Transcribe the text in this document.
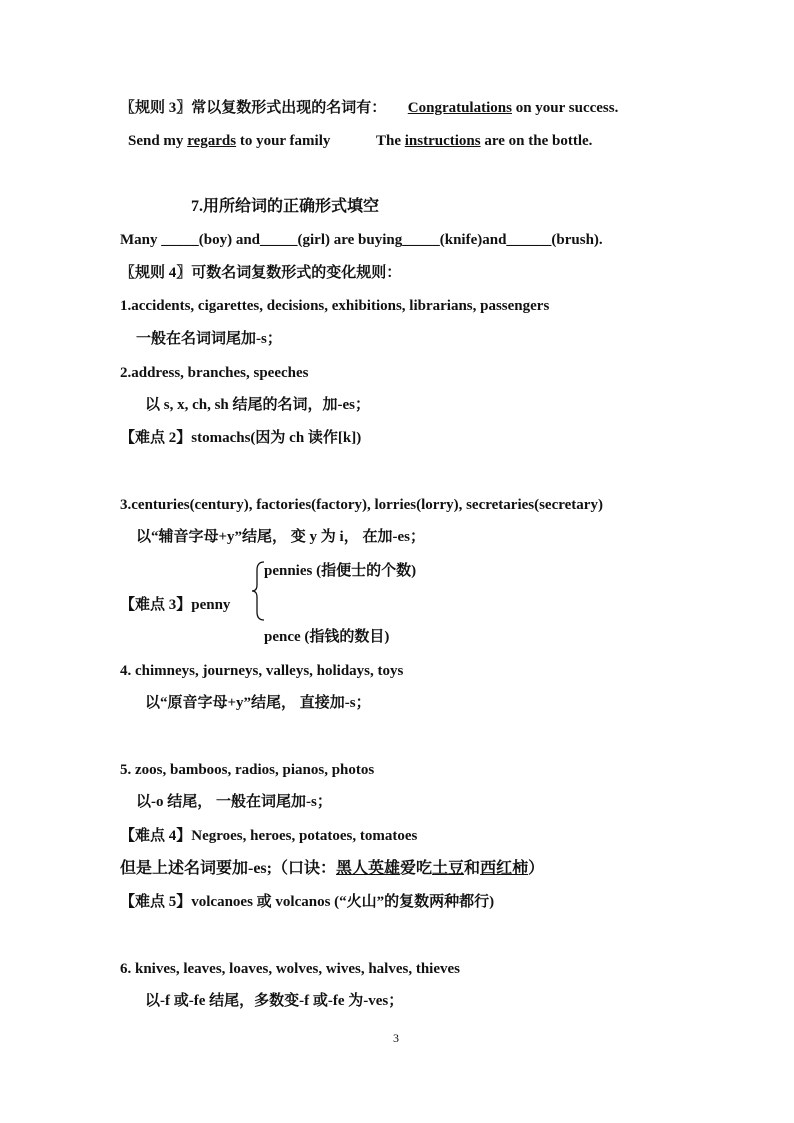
〖规则 3〗常以复数形式出现的名词有： Congratulations on your success.
Send my regards to your family	The instructions are on the bottle.
7.用所给词的正确形式填空
Many _____(boy) and_____(girl) are buying_____(knife)and______(brush).
〖规则 4〗可数名词复数形式的变化规则：
1.accidents, cigarettes, decisions, exhibitions, librarians, passengers
一般在名词词尾加-s；
2.address, branches, speeches
以 s, x, ch, sh 结尾的名词，加-es；
【难点 2】stomachs(因为 ch 读作[k])
3.centuries(century), factories(factory), lorries(lorry), secretaries(secretary)
以“辅音字母+y”结尾， 变 y 为 i， 在加-es；
pennies (指便士的个数)
【难点 3】penny
pence (指钱的数目)
4. chimneys, journeys, valleys, holidays, toys
以“原音字母+y”结尾， 直接加-s；
5. zoos, bamboos, radios, pianos, photos
以-o 结尾， 一般在词尾加-s；
【难点 4】Negroes, heroes, potatoes, tomatoes
但是上述名词要加-es;（口诀：黑人英雄爱吃土豆和西红柿）
【难点 5】volcanoes 或 volcanos (“火山”的复数两种都行)
6. knives, leaves, loaves, wolves, wives, halves, thieves
以-f 或-fe 结尾，多数变-f 或-fe 为-ves；
3
